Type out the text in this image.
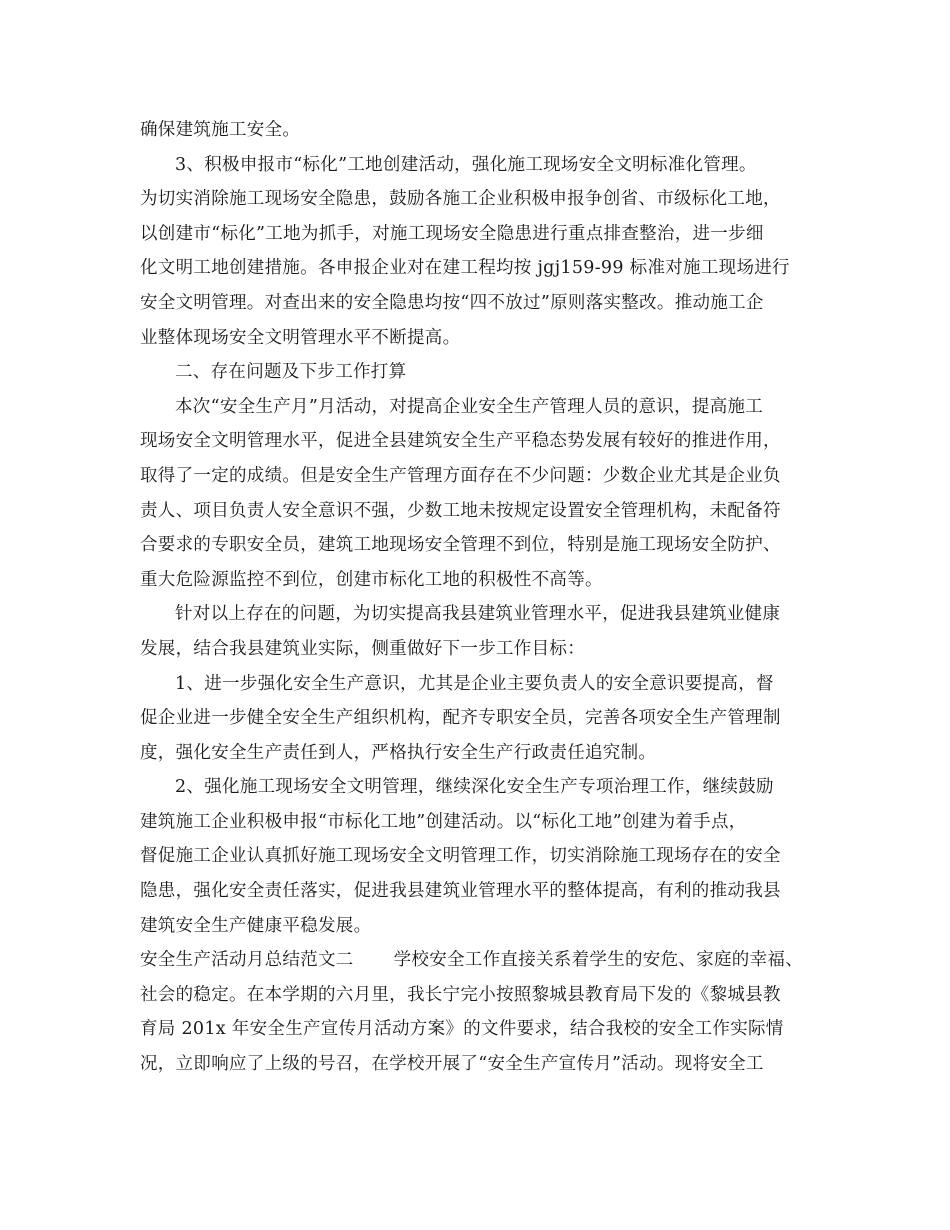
确保建筑施工安全。
3、积极申报市“标化”工地创建活动，强化施工现场安全文明标准化管理。
为切实消除施工现场安全隐患，鼓励各施工企业积极申报争创省、市级标化工地，
以创建市“标化”工地为抓手，对施工现场安全隐患进行重点排查整治，进一步细
化文明工地创建措施。各申报企业对在建工程均按 jgj159-99 标准对施工现场进行
安全文明管理。对查出来的安全隐患均按“四不放过”原则落实整改。推动施工企
业整体现场安全文明管理水平不断提高。
二、存在问题及下步工作打算
本次“安全生产月”月活动，对提高企业安全生产管理人员的意识，提高施工
现场安全文明管理水平，促进全县建筑安全生产平稳态势发展有较好的推进作用，
取得了一定的成绩。但是安全生产管理方面存在不少问题：少数企业尤其是企业负
责人、项目负责人安全意识不强，少数工地未按规定设置安全管理机构，未配备符
合要求的专职安全员，建筑工地现场安全管理不到位，特别是施工现场安全防护、
重大危险源监控不到位，创建市标化工地的积极性不高等。
针对以上存在的问题，为切实提高我县建筑业管理水平，促进我县建筑业健康
发展，结合我县建筑业实际，侧重做好下一步工作目标：
1、进一步强化安全生产意识，尤其是企业主要负责人的安全意识要提高，督
促企业进一步健全安全生产组织机构，配齐专职安全员，完善各项安全生产管理制
度，强化安全生产责任到人，严格执行安全生产行政责任追究制。
2、强化施工现场安全文明管理，继续深化安全生产专项治理工作，继续鼓励
建筑施工企业积极申报“市标化工地”创建活动。以“标化工地”创建为着手点，
督促施工企业认真抓好施工现场安全文明管理工作，切实消除施工现场存在的安全
隐患，强化安全责任落实，促进我县建筑业管理水平的整体提高，有利的推动我县
建筑安全生产健康平稳发展。
安全生产活动月总结范文二 学校安全工作直接关系着学生的安危、家庭的幸福、
社会的稳定。在本学期的六月里，我长宁完小按照黎城县教育局下发的《黎城县教
育局 201x 年安全生产宣传月活动方案》的文件要求，结合我校的安全工作实际情
况，立即响应了上级的号召，在学校开展了“安全生产宣传月”活动。现将安全工
